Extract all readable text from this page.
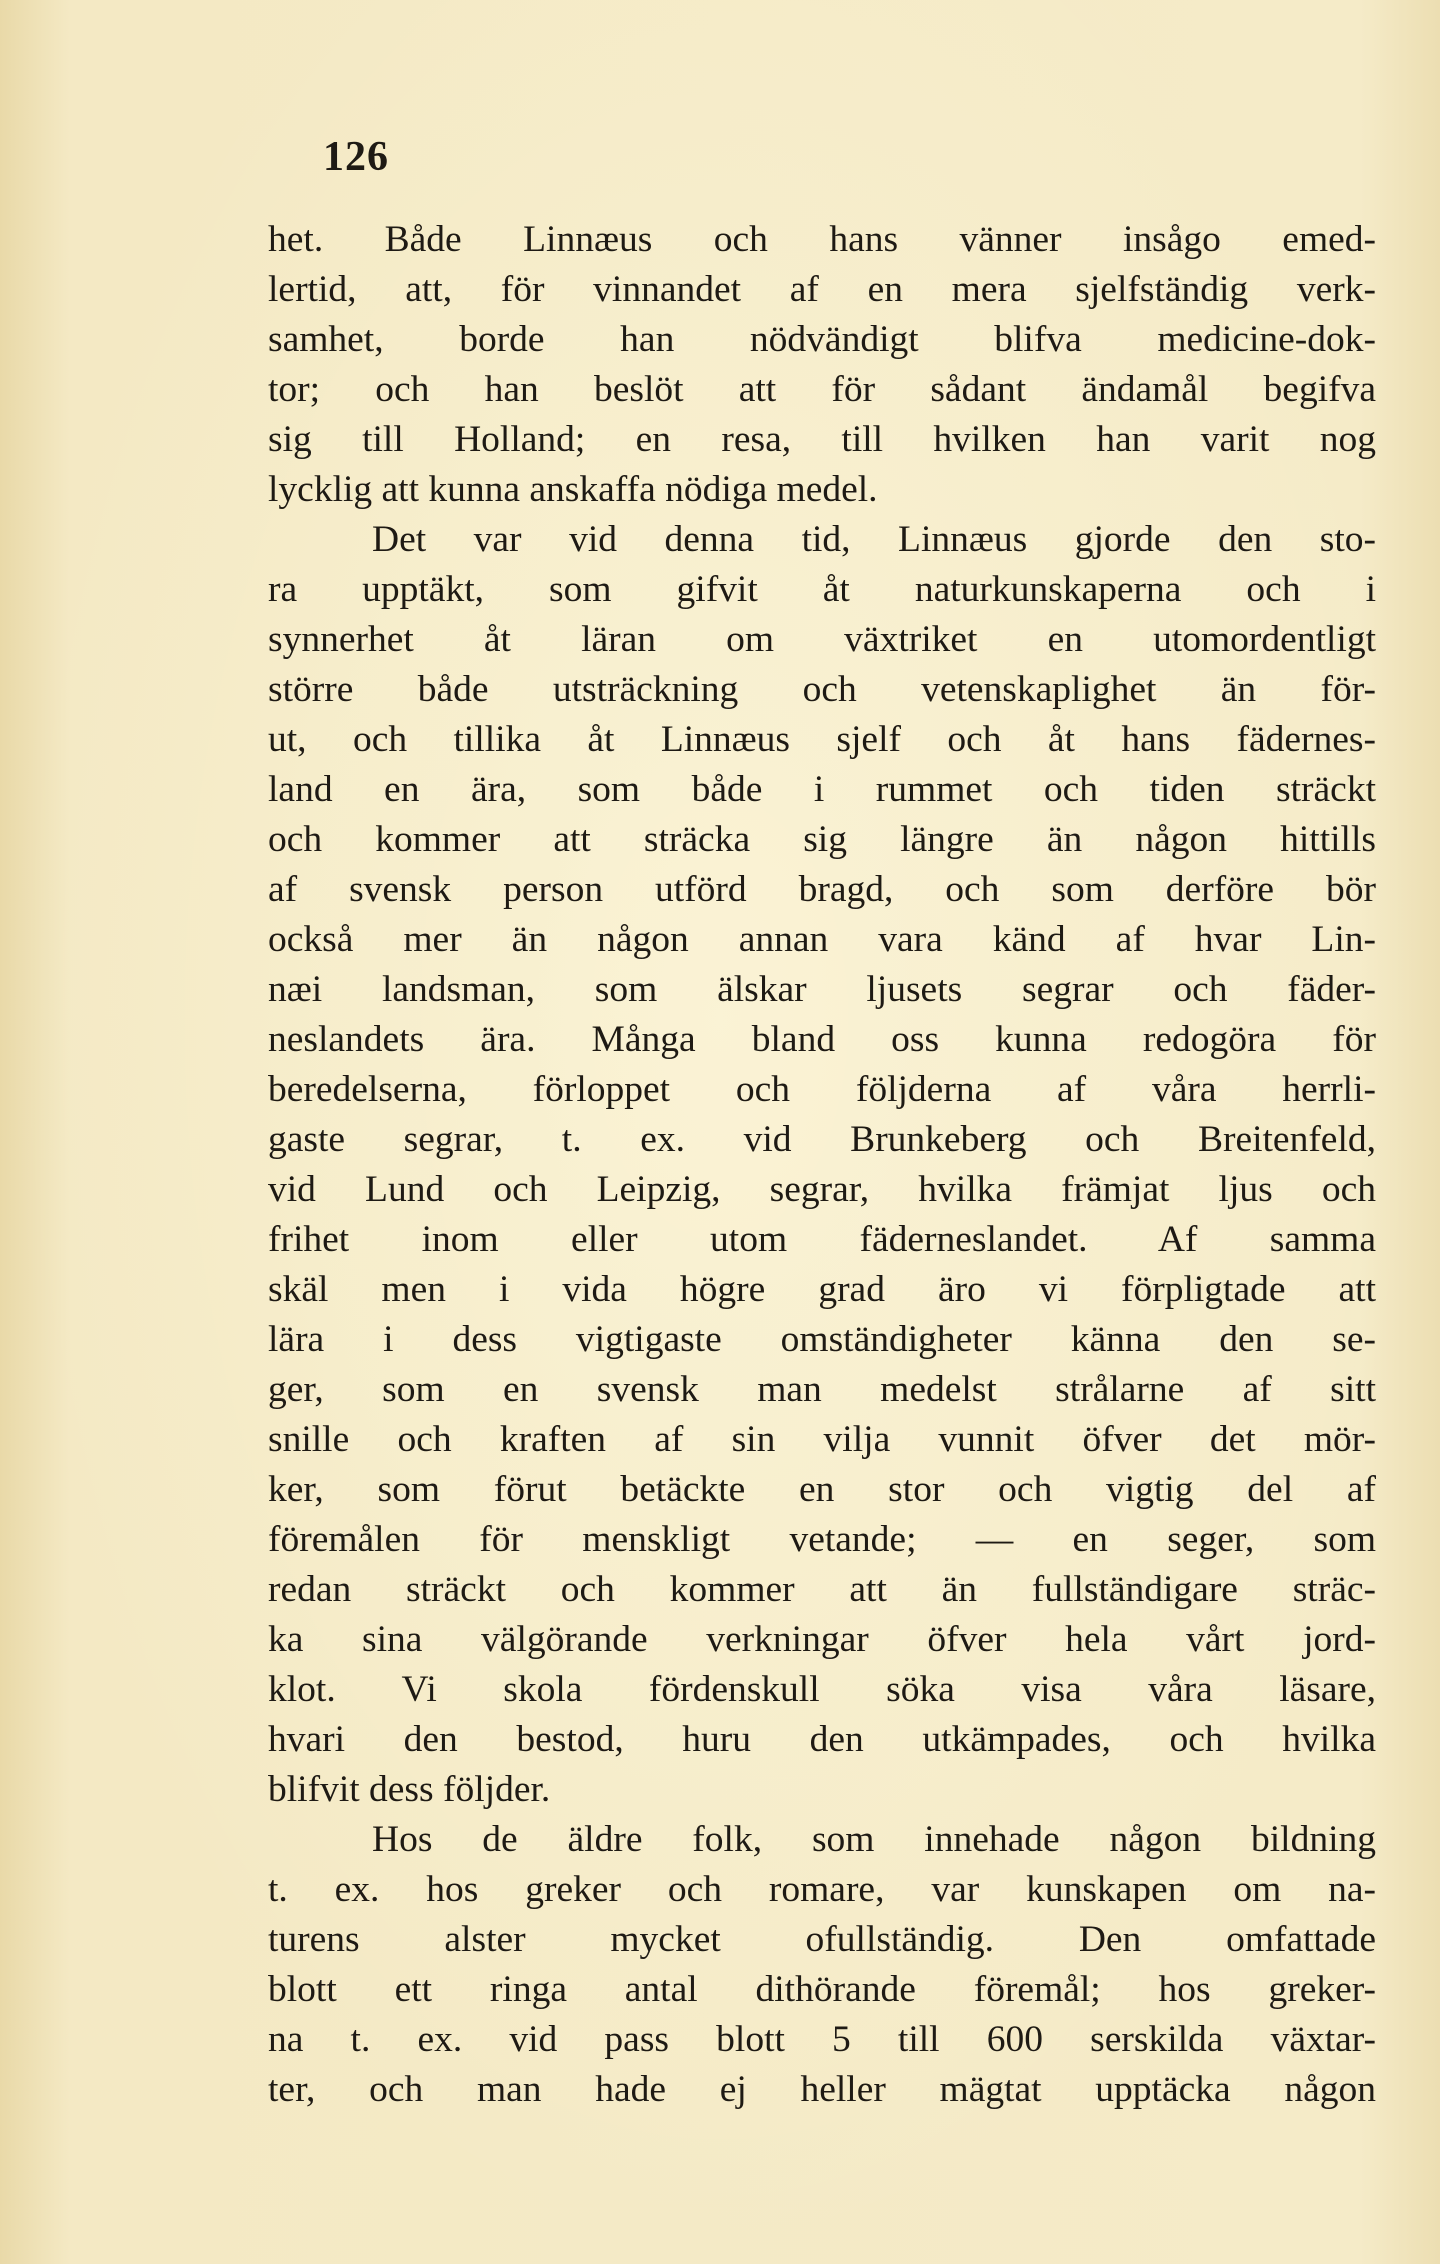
126
het. Både Linnæus och hans vänner insågo emed-
lertid, att, för vinnandet af en mera sjelfständig verk-
samhet, borde han nödvändigt blifva medicine-dok-
tor; och han beslöt att för sådant ändamål begifva
sig till Holland; en resa, till hvilken han varit nog
lycklig att kunna anskaffa nödiga medel.
Det var vid denna tid, Linnæus gjorde den sto-
ra upptäkt, som gifvit åt naturkunskaperna och i
synnerhet åt läran om växtriket en utomordentligt
större både utsträckning och vetenskaplighet än för-
ut, och tillika åt Linnæus sjelf och åt hans fädernes-
land en ära, som både i rummet och tiden sträckt
och kommer att sträcka sig längre än någon hittills
af svensk person utförd bragd, och som derföre bör
också mer än någon annan vara känd af hvar Lin-
næi landsman, som älskar ljusets segrar och fäder-
neslandets ära. Många bland oss kunna redogöra för
beredelserna, förloppet och följderna af våra herrli-
gaste segrar, t. ex. vid Brunkeberg och Breitenfeld,
vid Lund och Leipzig, segrar, hvilka främjat ljus och
frihet inom eller utom fäderneslandet. Af samma
skäl men i vida högre grad äro vi förpligtade att
lära i dess vigtigaste omständigheter känna den se-
ger, som en svensk man medelst strålarne af sitt
snille och kraften af sin vilja vunnit öfver det mör-
ker, som förut betäckte en stor och vigtig del af
föremålen för menskligt vetande; — en seger, som
redan sträckt och kommer att än fullständigare sträc-
ka sina välgörande verkningar öfver hela vårt jord-
klot. Vi skola fördenskull söka visa våra läsare,
hvari den bestod, huru den utkämpades, och hvilka
blifvit dess följder.
Hos de äldre folk, som innehade någon bildning
t. ex. hos greker och romare, var kunskapen om na-
turens alster mycket ofullständig. Den omfattade
blott ett ringa antal dithörande föremål; hos greker-
na t. ex. vid pass blott 5 till 600 serskilda växtar-
ter, och man hade ej heller mägtat upptäcka någon
